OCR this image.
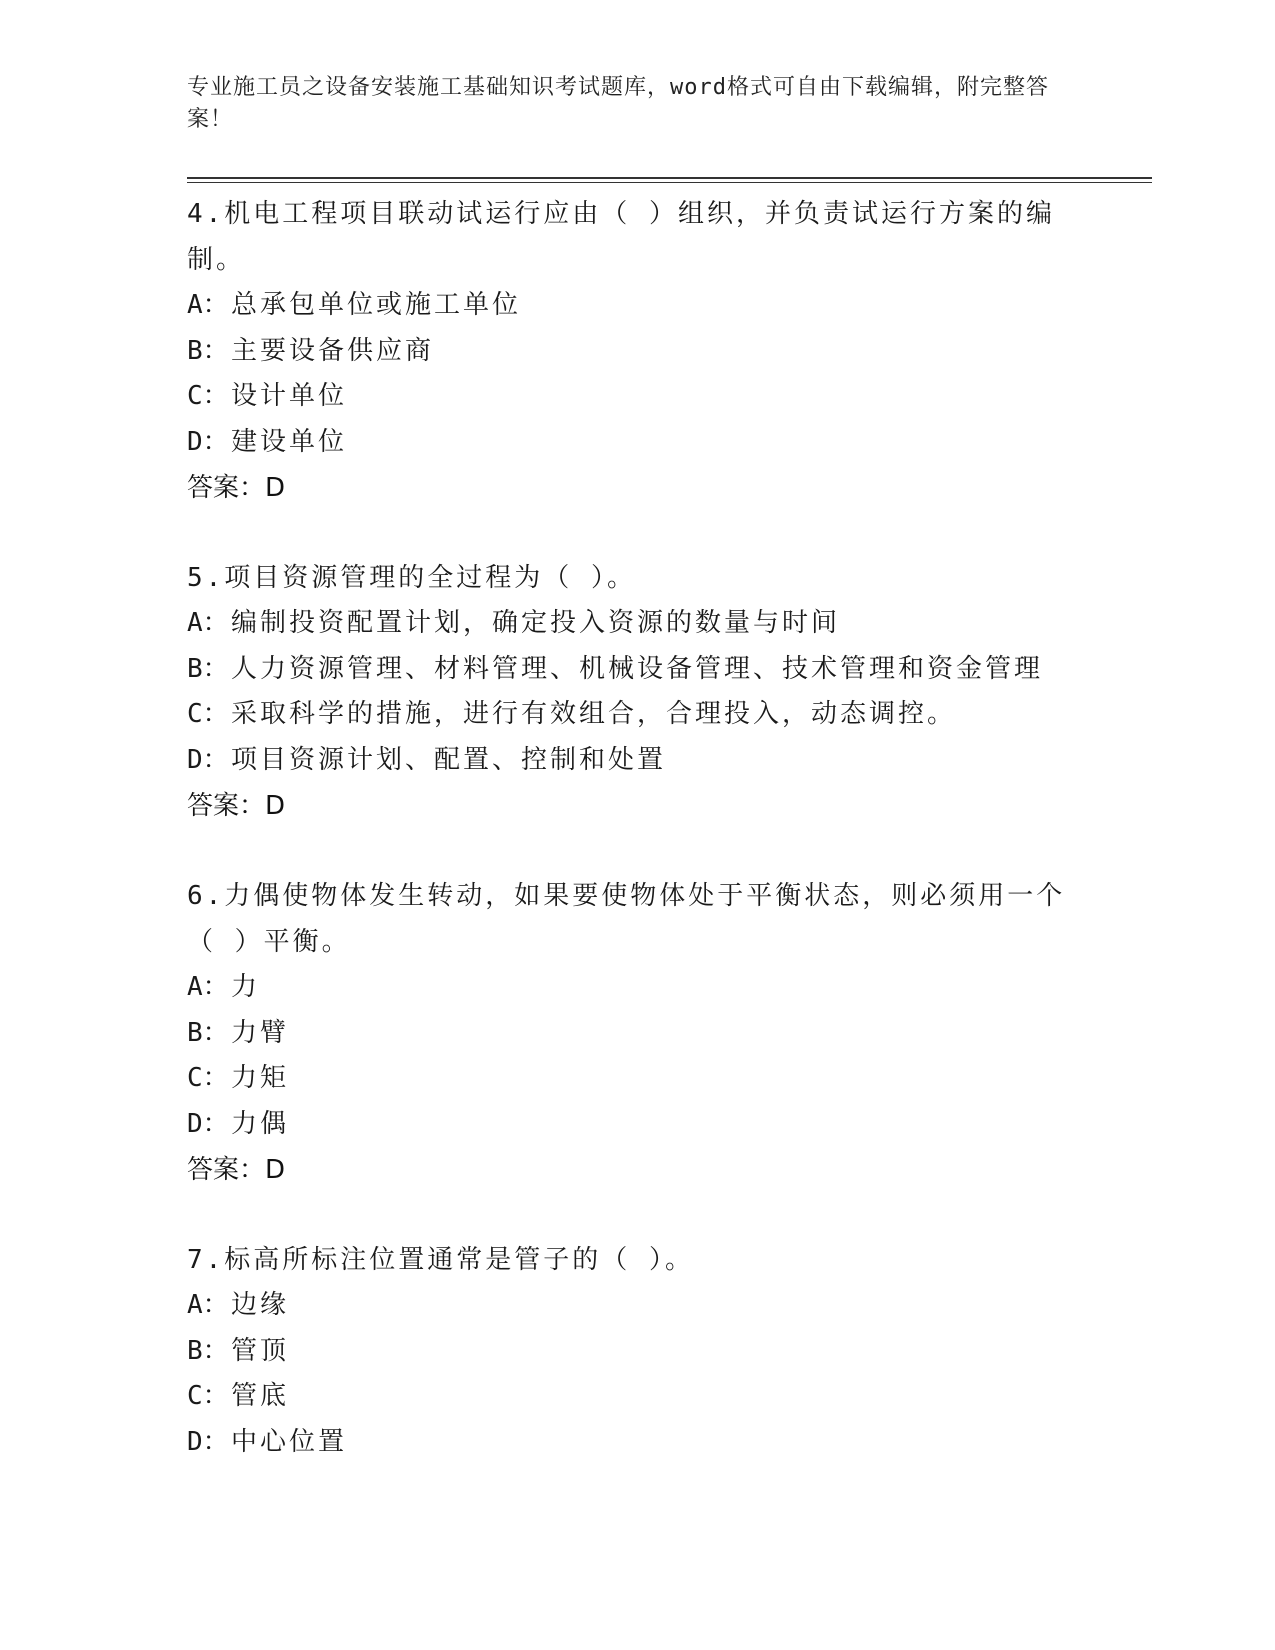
专业施工员之设备安装施工基础知识考试题库，word格式可自由下载编辑，附完整答案！
4.机电工程项目联动试运行应由（ ）组织，并负责试运行方案的编制。
A：总承包单位或施工单位
B：主要设备供应商
C：设计单位
D：建设单位
答案：D
5.项目资源管理的全过程为（ ）。
A：编制投资配置计划，确定投入资源的数量与时间
B：人力资源管理、材料管理、机械设备管理、技术管理和资金管理
C：采取科学的措施，进行有效组合，合理投入，动态调控。
D：项目资源计划、配置、控制和处置
答案：D
6.力偶使物体发生转动，如果要使物体处于平衡状态，则必须用一个（ ）平衡。
A：力
B：力臂
C：力矩
D：力偶
答案：D
7.标高所标注位置通常是管子的（ ）。
A：边缘
B：管顶
C：管底
D：中心位置
